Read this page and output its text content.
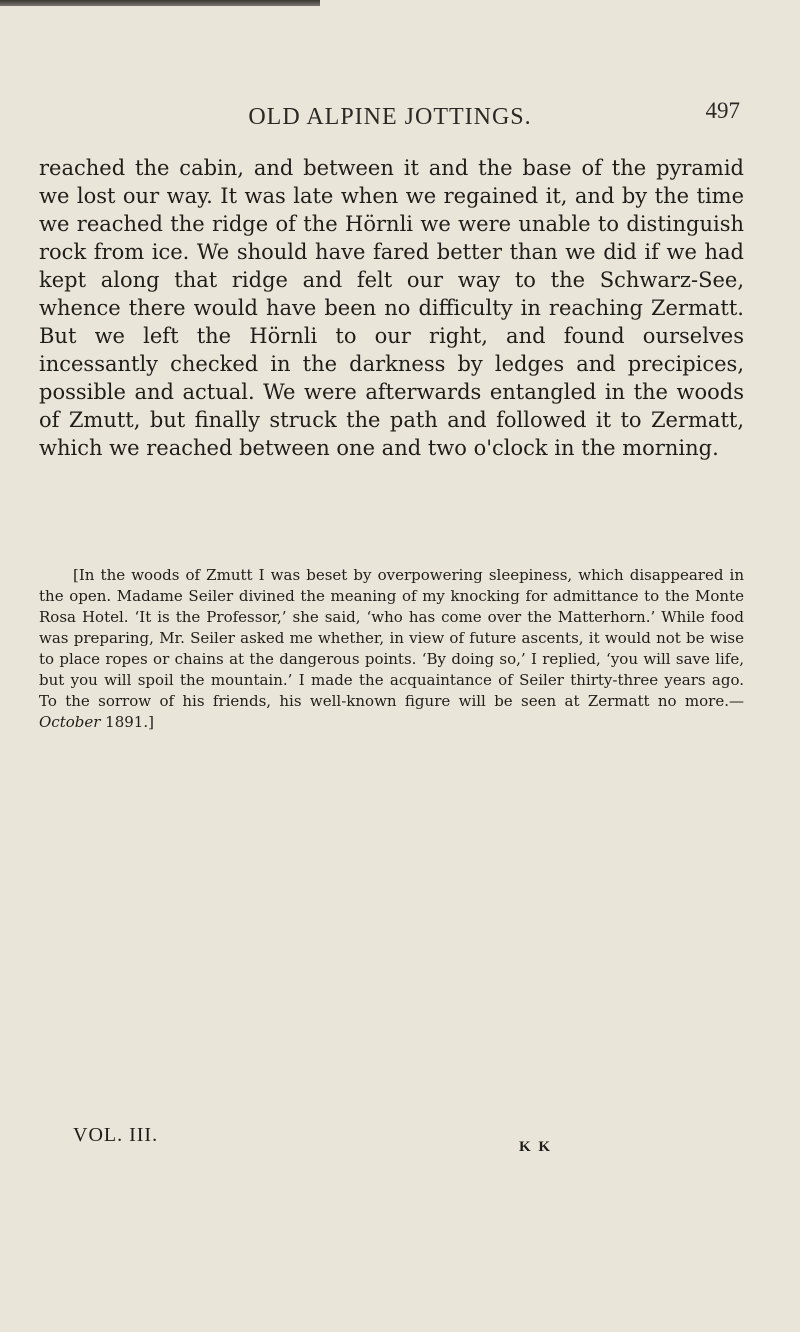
OLD ALPINE JOTTINGS.	497

reached the cabin, and between it and the base of the pyramid we lost our way. It was late when we regained it, and by the time we reached the ridge of the Hörnli we were unable to distinguish rock from ice. We should have fared better than we did if we had kept along that ridge and felt our way to the Schwarz-See, whence there would have been no difficulty in reaching Zermatt. But we left the Hörnli to our right, and found ourselves incessantly checked in the darkness by ledges and precipices, possible and actual. We were afterwards entangled in the woods of Zmutt, but finally struck the path and followed it to Zermatt, which we reached between one and two o'clock in the morning.

[In the woods of Zmutt I was beset by overpowering sleepiness, which disappeared in the open. Madame Seiler divined the meaning of my knocking for admittance to the Monte Rosa Hotel. ‘It is the Professor,’ she said, ‘who has come over the Matterhorn.’ While food was preparing, Mr. Seiler asked me whether, in view of future ascents, it would not be wise to place ropes or chains at the dangerous points. ‘By doing so,’ I replied, ‘you will save life, but you will spoil the mountain.’ I made the acquaintance of Seiler thirty-three years ago. To the sorrow of his friends, his well-known figure will be seen at Zermatt no more.—October 1891.]

VOL. III.
K K
